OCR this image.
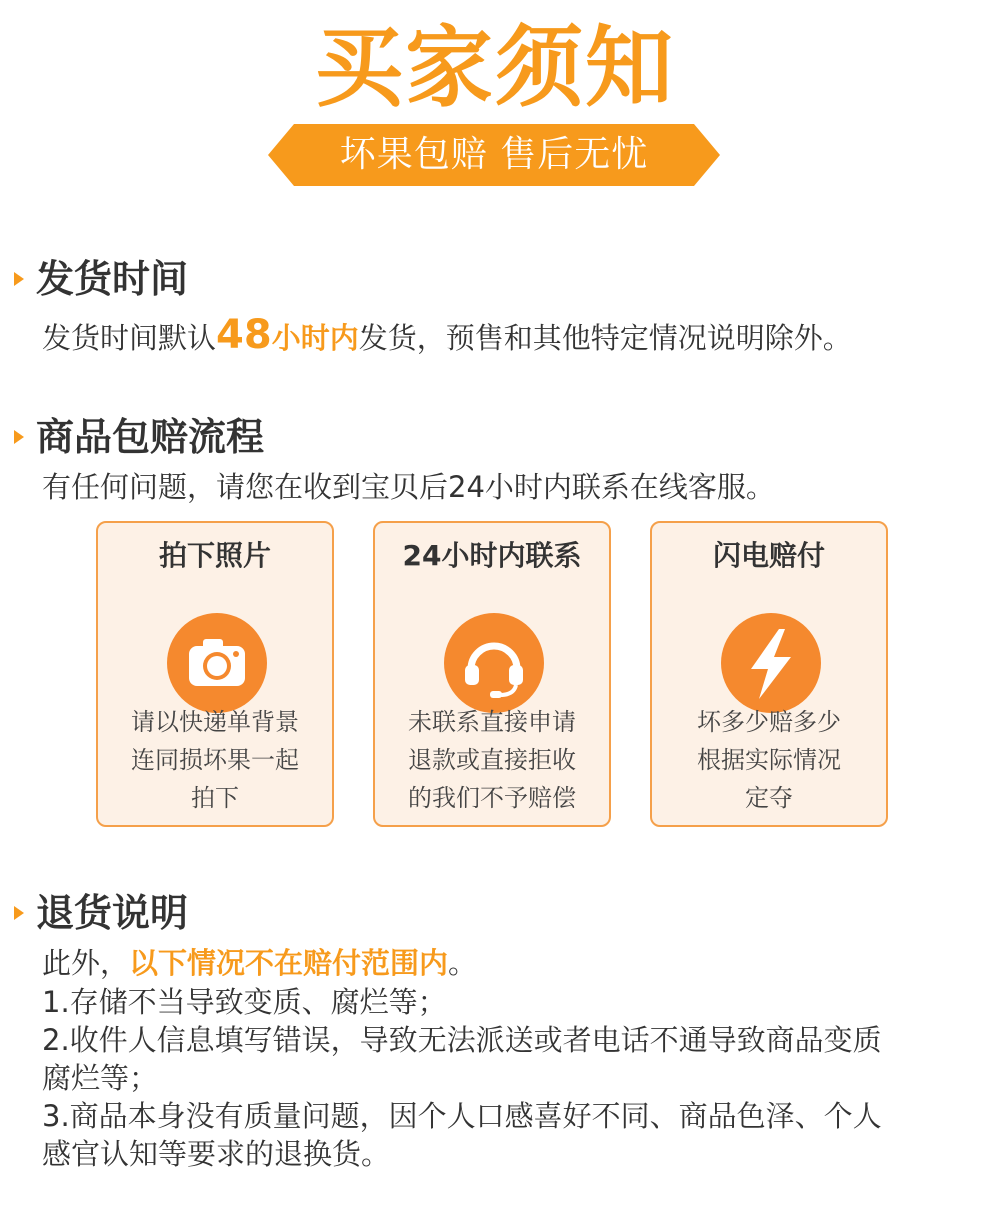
买家须知
坏果包赔 售后无忧
发货时间
发货时间默认48小时内发货，预售和其他特定情况说明除外。
商品包赔流程
有任何问题，请您在收到宝贝后24小时内联系在线客服。
拍下照片
请以快递单背景
连同损坏果一起
拍下
24小时内联系
未联系直接申请
退款或直接拒收
的我们不予赔偿
闪电赔付
坏多少赔多少
根据实际情况
定夺
退货说明
此外，以下情况不在赔付范围内。
1.存储不当导致变质、腐烂等；
2.收件人信息填写错误，导致无法派送或者电话不通导致商品变质
腐烂等；
3.商品本身没有质量问题，因个人口感喜好不同、商品色泽、个人
感官认知等要求的退换货。
